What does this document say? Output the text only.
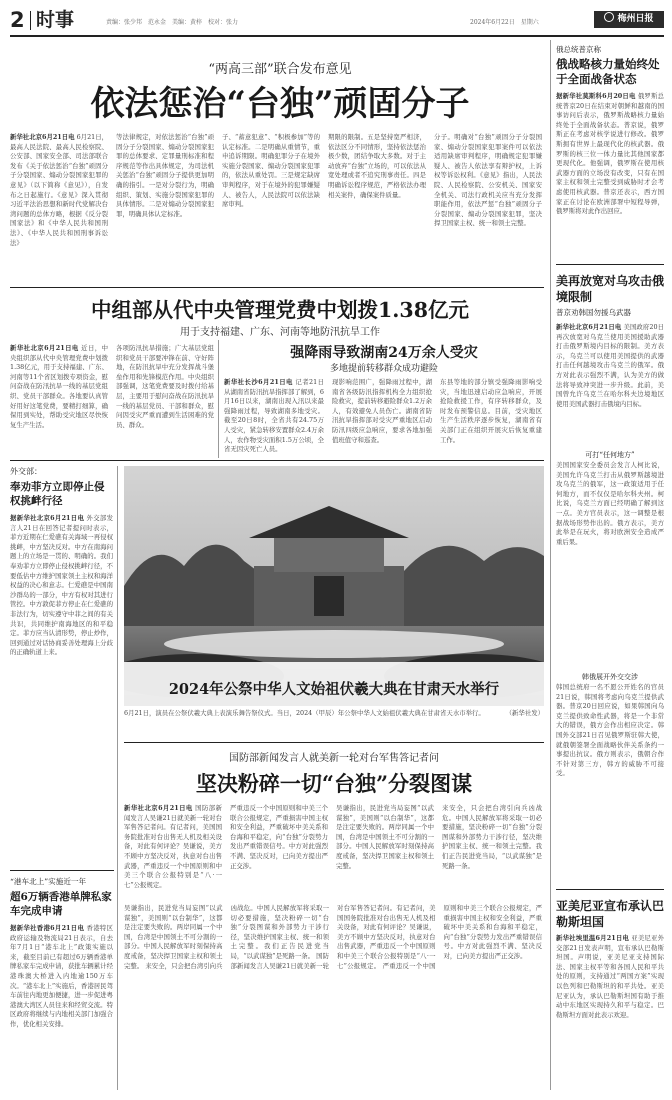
2 时事	责编：张少邦　范永金　美编：黄梓　校对：张力	2024年6月22日　星期六	梅州日报
“两高三部”联合发布意见
依法惩治“台独”顽固分子
新华社北京6月21日电 6月21日，最高人民法院、最高人民检察院、公安部、国家安全部、司法部联合发布《关于依法惩治“台独”顽固分子分裂国家、煽动分裂国家犯罪的意见》（以下简称《意见》），自发布之日起施行。《意见》深入贯彻习近平法治思想和新时代党解决台湾问题的总体方略，根据《反分裂国家法》和《中华人民共和国刑法》、《中华人民共和国刑事诉讼法》
等法律规定，对依法惩治“台独”顽固分子分裂国家、煽动分裂国家犯罪的总体要求、定罪量刑标准和程序规范等作出具体规定，为司法机关惩治“台独”顽固分子提供更加明确的指引。一是对分裂行为，明确组织、策划、实施分裂国家犯罪的具体情形。二是对煽动分裂国家犯罪，明确具体认定标准。
子、“蓄意犯意”、“积极参加”等的认定标准。二是明确从重情节，重申追诉期限。明确犯罪分子在境外实施分裂国家、煽动分裂国家犯罪的，依法从重处罚。三是规定缺席审判程序，对于在境外的犯罪嫌疑人、被告人，人民法院可以依法缺席审判。
期限的限制。五是坚持宽严相济，依法区分不同情形，坚持依法惩治极少数，团结争取大多数。对于主动放弃“台独”立场的，可以依法从宽处理或者不追究刑事责任。四是明确诉讼程序规范，严格依法办理相关案件，确保案件质量。
分子。明确对“台独”顽固分子分裂国家、煽动分裂国家犯罪案件可以依法适用缺席审判程序，明确规定犯罪嫌疑人、被告人依法享有辩护权，上诉权等诉讼权利。《意见》指出，人民法院、人民检察院、公安机关、国家安全机关、司法行政机关应当充分发挥职能作用，依法严惩“台独”顽固分子分裂国家、煽动分裂国家犯罪，坚决捍卫国家主权、统一和领土完整。
中组部从代中央管理党费中划拨1.38亿元
用于支持福建、广东、河南等地防汛抗旱工作
新华社北京6月21日电 近日，中央组织部从代中央管理党费中划拨1.38亿元，用于支持福建、广东、河南等11个省区划拨专项资金，慰问奋战在防汛抗旱一线的基层党组织、党员干部群众。各地要认真管好用好这笔党费，要精打细算，确保用到实处，帮助受灾地区尽快恢复生产生活。
各项防汛抗旱措施；广大基层党组织和党员干部要冲锋在前、守好阵地，在防汛抗旱中充分发挥战斗堡垒作用和先锋模范作用。中央组织部强调，这笔党费要及时拨付给基层，主要用于慰问奋战在防汛抗旱一线的基层党员、干部和群众，慰问因受灾严重而遭到生活困难的党员、群众。
强降雨导致湖南24万余人受灾
多地提前转移群众成功避险
新华社长沙6月21日电 记者21日从湖南省防汛抗旱指挥部了解到，6月16日以来，湖南出现入汛以来最强降雨过程，导致湖南多地受灾。截至20日8时，全省共有24.75万人受灾，紧急转移安置群众2.4万余人，农作物受灾面积1.5万公顷，全省无因灾死亡人员。
现影响范围广，强降雨过程中，湖南省各级防汛指挥机构全力组织抢险救灾，提前转移避险群众1.2万余人，有效避免人员伤亡。湖南省防汛抗旱指挥部对受灾严重地区启动防汛四级应急响应，要求各地加强值班值守和巡查。
东县等地的部分镇受强降雨影响受灾，当地迅速启动应急响应，开展抢险救援工作，有序转移群众，及时发布预警信息。目前，受灾地区生产生活秩序逐步恢复，湖南省有关部门正在组织开展灾后恢复重建工作。
外交部：
奉劝菲方立即停止侵权挑衅行径
据新华社北京6月21日电 外交部发言人21日在回答记者提问时表示，菲方近期在仁爱礁有关海域一再侵权挑衅，中方坚决反对。中方在南海问题上的立场是一贯的、明确的。我们奉劝菲方立即停止侵权挑衅行径，不要低估中方维护国家领土主权和海洋权益的决心和意志。仁爱礁是中国南沙群岛的一部分，中方有权对其进行管控。中方敦促菲方停止在仁爱礁的非法行为，切实遵守中菲之间的有关共识，共同维护南海地区的和平稳定。菲方应当认清形势，停止炒作，回到通过对话协商妥善处理海上分歧的正确轨道上来。
“港车北上”实施近一年
超6万辆香港单牌私家车完成申请
据新华社香港6月21日电 香港特区政府运输及物流局21日表示，自去年7月1日“港车北上”政策实施以来，截至目前已有超过6万辆香港单牌私家车完成申请，获批车辆累计经港珠澳大桥进入内地逾150万车次。“港车北上”实施后，香港居民驾车前往内地更加便捷，进一步促进粤港澳大湾区人员往来和经贸交流。特区政府将继续与内地相关部门加强合作，优化相关安排。
2024年公祭中华人文始祖伏羲大典在甘肃天水举行
6月21日，演员在公祭伏羲大典上表演乐舞告祭仪式。当日，2024（甲辰）年公祭中华人文始祖伏羲大典在甘肃省天水市举行。	（新华社发）
国防部新闻发言人就美新一轮对台军售答记者问
坚决粉碎一切“台独”分裂图谋
新华社北京6月21日电 国防部新闻发言人吴谦21日就美新一轮对台军售答记者问。有记者问，美国国务院批准对台出售无人机及相关设备，对此有何评论？吴谦说，美方不顾中方坚决反对，执意对台出售武器，严重违反一个中国原则和中美三个联合公报特别是“八·一七”公报规定。
严重违反一个中国原则和中美三个联合公报规定，严重损害中国主权和安全利益，严重破坏中美关系和台海和平稳定，向“台独”分裂势力发出严重错误信号。中方对此强烈不满、坚决反对，已向美方提出严正交涉。
吴谦指出，民进党当局妄图“以武谋独”，美国则“以台制华”，这都是注定要失败的。两岸同属一个中国，台湾是中国领土不可分割的一部分。中国人民解放军时刻保持高度戒备，坚决捍卫国家主权和领土完整。
来安全，只会把台湾引向兵凶战危。中国人民解放军将采取一切必要措施，坚决粉碎一切“台独”分裂图谋和外部势力干涉行径，坚决维护国家主权、统一和领土完整。我们正告民进党当局，“以武谋独”是死路一条。
吴谦指出，民进党当局妄图“以武谋独”，美国则“以台制华”，这都是注定要失败的。两岸同属一个中国，台湾是中国领土不可分割的一部分。中国人民解放军时刻保持高度戒备，坚决捍卫国家主权和领土完整。 来安全，只会把台湾引向兵凶战危。中国人民解放军将采取一切必要措施，坚决粉碎一切“台独”分裂图谋和外部势力干涉行径，坚决维护国家主权、统一和领土完整。我们正告民进党当局，“以武谋独”是死路一条。 国防部新闻发言人吴谦21日就美新一轮对台军售答记者问。有记者问，美国国务院批准对台出售无人机及相关设备，对此有何评论？吴谦说，美方不顾中方坚决反对，执意对台出售武器，严重违反一个中国原则和中美三个联合公报特别是“八·一七”公报规定。 严重违反一个中国原则和中美三个联合公报规定，严重损害中国主权和安全利益，严重破坏中美关系和台海和平稳定，向“台独”分裂势力发出严重错误信号。中方对此强烈不满、坚决反对，已向美方提出严正交涉。
俄总统普京称
俄战略核力量始终处于全面战备状态
据新华社莫斯科6月20日电 俄罗斯总统普京20日在结束对朝鲜和越南的国事访问后表示，俄罗斯战略核力量始终处于全面战备状态。普京说，俄罗斯正在考虑对核学说进行修改。俄罗斯拥有世界上最现代化的核武器。俄罗斯的核三位一体力量比其他国家都更现代化。他强调，俄罗斯在使用核武器方面的立场没有改变，只有在国家主权和领土完整受到威胁时才会考虑使用核武器。普京还表示，西方国家正在讨论在欧洲部署中短程导弹，俄罗斯将对此作出回应。
美再放宽对乌攻击俄境限制
普京劝韩国勿援乌武器
新华社北京6月21日电 美国政府20日再次放宽对乌克兰使用美国援助武器打击俄罗斯境内目标的限制。美方表示，乌克兰可以使用美国提供的武器打击任何越境攻击乌克兰的俄军。俄方对此表示强烈不满，认为美方的做法将导致冲突进一步升级。此前，美国曾允许乌克兰在哈尔科夫边境地区使用美国武器打击俄境内目标。
可打“任何地方”
美国国家安全委员会发言人柯比说，美国允许乌克兰打击从俄罗斯越境进攻乌克兰的俄军，这一政策适用于任何地方，而不仅仅是哈尔科夫州。柯比说，乌克兰方面已经明确了解到这一点。美方官员表示，这一调整是根据战场形势作出的。俄方表示，美方此举是在玩火，将对欧洲安全造成严重后果。
韩俄展开外交交涉
韩国总统府一名不愿公开姓名的官员21日说，韩国将考虑向乌克兰提供武器。普京20日回应说，如果韩国向乌克兰提供致命性武器，将是一个非常大的错误，俄方会作出相应决定。韩国外交部21日召见俄罗斯驻韩大使，就俄朝签署全面战略伙伴关系条约一事提出抗议。俄方则表示，俄朝合作不针对第三方，韩方的威胁不可接受。
亚美尼亚宣布承认巴勒斯坦国
新华社埃里温6月21日电 亚美尼亚外交部21日发表声明，宣布承认巴勒斯坦国。声明说，亚美尼亚支持国际法、国家主权平等和各国人民和平共处的原则，支持通过“两国方案”实现以色列和巴勒斯坦的和平共处。亚美尼亚认为，承认巴勒斯坦国有助于推动中东地区实现持久和平与稳定。巴勒斯坦方面对此表示欢迎。
